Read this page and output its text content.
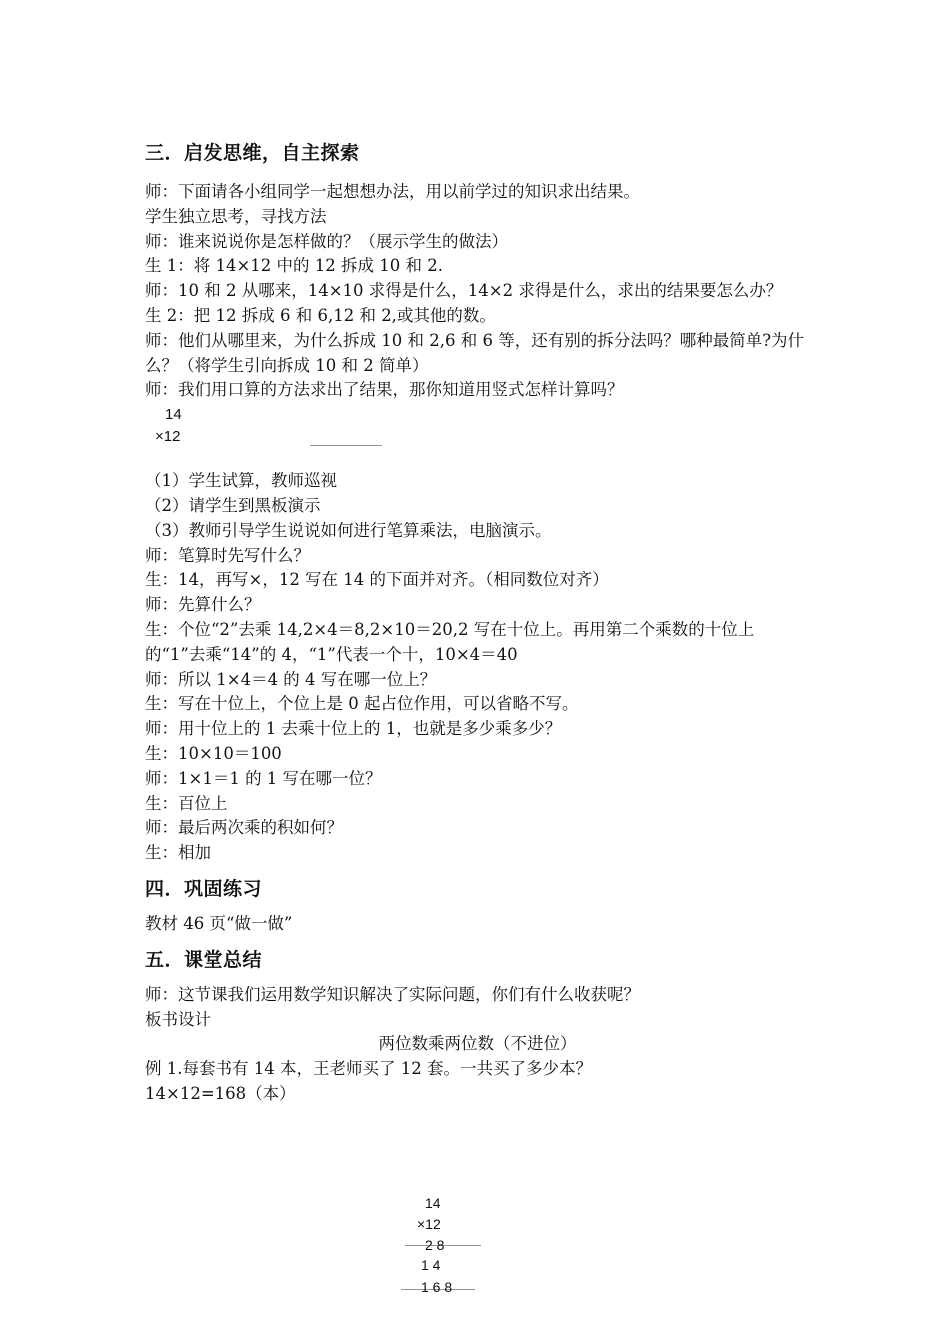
三．启发思维，自主探索

师：下面请各小组同学一起想想办法，用以前学过的知识求出结果。

学生独立思考，寻找方法

师：谁来说说你是怎样做的？（展示学生的做法）

生 1：将 14×12 中的 12 拆成 10 和 2.

师：10 和 2 从哪来，14×10 求得是什么，14×2 求得是什么，求出的结果要怎么办？

生 2：把 12 拆成 6 和 6,12 和 2,或其他的数。

师：他们从哪里来，为什么拆成 10 和 2,6 和 6 等，还有别的拆分法吗？哪种最简单?为什么？（将学生引向拆成 10 和 2 简单）

师：我们用口算的方法求出了结果，那你知道用竖式怎样计算吗？

14
×12

（1）学生试算，教师巡视

（2）请学生到黑板演示

（3）教师引导学生说说如何进行笔算乘法，电脑演示。

师：笔算时先写什么？

生：14，再写×，12 写在 14 的下面并对齐。（相同数位对齐）

师：先算什么？

生：个位“2”去乘 14,2×4＝8,2×10＝20,2 写在十位上。再用第二个乘数的十位上的“1”去乘“14”的 4，“1”代表一个十，10×4＝40

师：所以 1×4＝4 的 4 写在哪一位上？

生：写在十位上，个位上是 0 起占位作用，可以省略不写。

师：用十位上的 1 去乘十位上的 1，也就是多少乘多少？

生：10×10＝100

师：1×1＝1 的 1 写在哪一位？

生：百位上

师：最后两次乘的积如何？

生：相加

四．巩固练习

教材 46 页“做一做”

五．课堂总结

师：这节课我们运用数学知识解决了实际问题，你们有什么收获呢？

板书设计

两位数乘两位数（不进位）

例 1.每套书有 14 本，王老师买了 12 套。一共买了多少本？

14×12=168（本）

14
×12
2 8
1 4
1 6 8
